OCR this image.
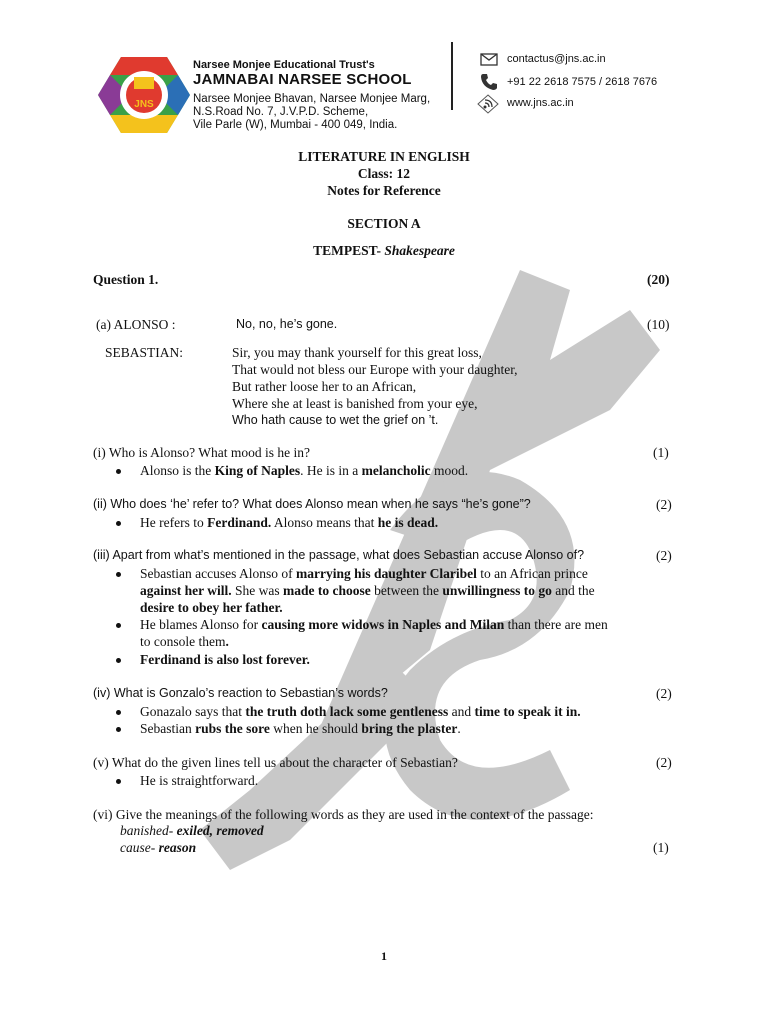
JNS
Narsee Monjee Educational Trust's
JAMNABAI NARSEE SCHOOL
Narsee Monjee Bhavan, Narsee Monjee Marg,
N.S.Road No. 7, J.V.P.D. Scheme,
Vile Parle (W), Mumbai - 400 049, India.
contactus@jns.ac.in
+91 22 2618 7575 / 2618 7676
www.jns.ac.in
LITERATURE IN ENGLISH
Class: 12
Notes for Reference
SECTION A
TEMPEST- Shakespeare
Question 1.	(20)
(a) ALONSO :	No, no, he’s gone.	(10)
SEBASTIAN:	Sir, you may thank yourself for this great loss,
That would not bless our Europe with your daughter,
But rather loose her to an African,
Where she at least is banished from your eye,
Who hath cause to wet the grief on ’t.
(i) Who is Alonso? What mood is he in?	(1)
Alonso is the King of Naples. He is in a melancholic mood.
(ii) Who does ‘he’ refer to? What does Alonso mean when he says “he’s gone”?	(2)
He refers to Ferdinand. Alonso means that he is dead.
(iii) Apart from what’s mentioned in the passage, what does Sebastian accuse Alonso of?	(2)
Sebastian accuses Alonso of marrying his daughter Claribel to an African prince
against her will. She was made to choose between the unwillingness to go and the
desire to obey her father.
He blames Alonso for causing more widows in Naples and Milan than there are men
to console them.
Ferdinand is also lost forever.
(iv) What is Gonzalo’s reaction to Sebastian’s words?	(2)
Gonazalo says that the truth doth lack some gentleness and time to speak it in.
Sebastian rubs the sore when he should bring the plaster.
(v) What do the given lines tell us about the character of Sebastian?	(2)
He is straightforward.
(vi) Give the meanings of the following words as they are used in the context of the passage:
banished- exiled, removed
cause- reason	(1)
1
